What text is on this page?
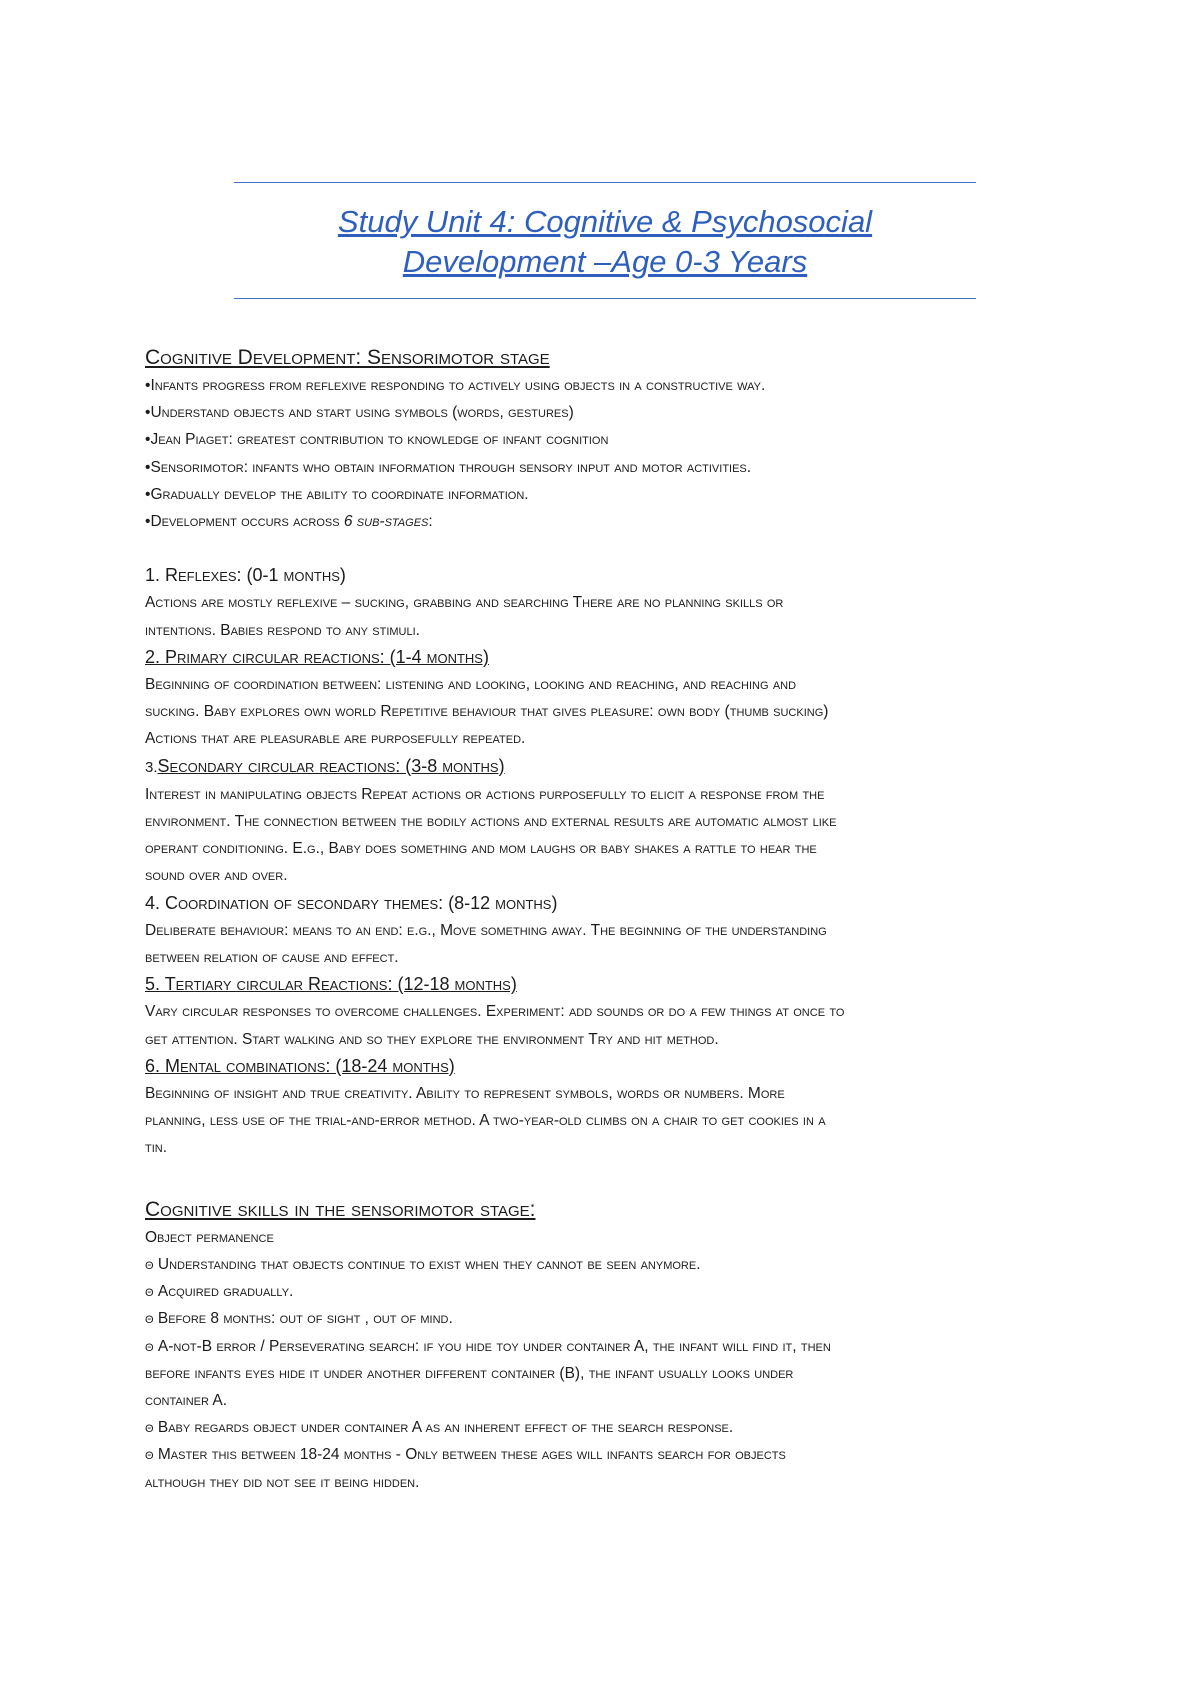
Study Unit 4: Cognitive & Psychosocial
Development –Age 0-3 Years

Cognitive Development: Sensorimotor stage

•Infants progress from reflexive responding to actively using objects in a constructive way.

•Understand objects and start using symbols (words, gestures)

•Jean Piaget: greatest contribution to knowledge of infant cognition

•Sensorimotor: infants who obtain information through sensory input and motor activities.

•Gradually develop the ability to coordinate information.

•Development occurs across 6 sub-stages:

1. Reflexes: (0-1 months)

Actions are mostly reflexive – sucking, grabbing and searching There are no planning skills or

intentions. Babies respond to any stimuli.

2. Primary circular reactions: (1-4 months)

Beginning of coordination between: listening and looking, looking and reaching, and reaching and

sucking. Baby explores own world Repetitive behaviour that gives pleasure: own body (thumb sucking)

Actions that are pleasurable are purposefully repeated.

3.Secondary circular reactions: (3-8 months)

Interest in manipulating objects Repeat actions or actions purposefully to elicit a response from the

environment. The connection between the bodily actions and external results are automatic almost like

operant conditioning. E.g., Baby does something and mom laughs or baby shakes a rattle to hear the

sound over and over.

4. Coordination of secondary themes: (8-12 months)

Deliberate behaviour: means to an end: e.g., Move something away. The beginning of the understanding

between relation of cause and effect.

5. Tertiary circular Reactions: (12-18 months)

Vary circular responses to overcome challenges. Experiment: add sounds or do a few things at once to

get attention. Start walking and so they explore the environment Try and hit method.

6. Mental combinations: (18-24 months)

Beginning of insight and true creativity. Ability to represent symbols, words or numbers. More

planning, less use of the trial-and-error method. A two-year-old climbs on a chair to get cookies in a

tin.

Cognitive skills in the sensorimotor stage:

Object permanence

θ Understanding that objects continue to exist when they cannot be seen anymore.

θ Acquired gradually.

θ Before 8 months: out of sight , out of mind.

θ A-not-B error / Perseverating search: if you hide toy under container A, the infant will find it, then

before infants eyes hide it under another different container (B), the infant usually looks under

container A.

θ Baby regards object under container A as an inherent effect of the search response.

θ Master this between 18-24 months - Only between these ages will infants search for objects

although they did not see it being hidden.
